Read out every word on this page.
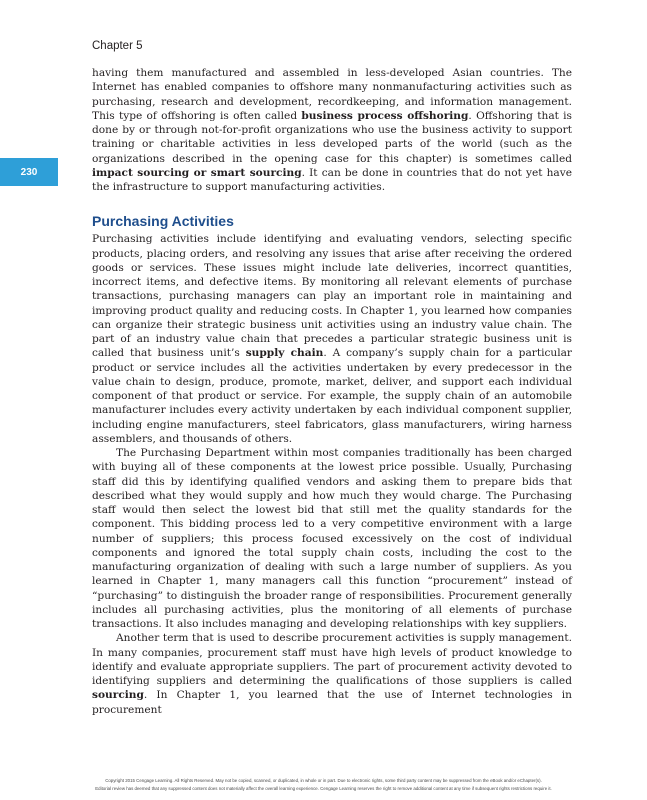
Chapter 5
230

having them manufactured and assembled in less-developed Asian countries. The Internet has enabled companies to offshore many nonmanufacturing activities such as purchasing, research and development, recordkeeping, and information management. This type of offshoring is often called business process offshoring. Offshoring that is done by or through not-for-profit organizations who use the business activity to support training or charitable activities in less developed parts of the world (such as the organizations described in the opening case for this chapter) is sometimes called impact sourcing or smart sourcing. It can be done in countries that do not yet have the infrastructure to support manufacturing activities.

Purchasing Activities

Purchasing activities include identifying and evaluating vendors, selecting specific products, placing orders, and resolving any issues that arise after receiving the ordered goods or services. These issues might include late deliveries, incorrect quantities, incorrect items, and defective items. By monitoring all relevant elements of purchase transactions, purchasing managers can play an important role in maintaining and improving product quality and reducing costs. In Chapter 1, you learned how companies can organize their strategic business unit activities using an industry value chain. The part of an industry value chain that precedes a particular strategic business unit is called that business unit’s supply chain. A company’s supply chain for a particular product or service includes all the activities undertaken by every predecessor in the value chain to design, produce, promote, market, deliver, and support each individual component of that product or service. For example, the supply chain of an automobile manufacturer includes every activity undertaken by each individual component supplier, including engine manufacturers, steel fabricators, glass manufacturers, wiring harness assemblers, and thousands of others.

The Purchasing Department within most companies traditionally has been charged with buying all of these components at the lowest price possible. Usually, Purchasing staff did this by identifying qualified vendors and asking them to prepare bids that described what they would supply and how much they would charge. The Purchasing staff would then select the lowest bid that still met the quality standards for the component. This bidding process led to a very competitive environment with a large number of suppliers; this process focused excessively on the cost of individual components and ignored the total supply chain costs, including the cost to the manufacturing organization of dealing with such a large number of suppliers. As you learned in Chapter 1, many managers call this function “procurement” instead of “purchasing” to distinguish the broader range of responsibilities. Procurement generally includes all purchasing activities, plus the monitoring of all elements of purchase transactions. It also includes managing and developing relationships with key suppliers.

Another term that is used to describe procurement activities is supply management. In many companies, procurement staff must have high levels of product knowledge to identify and evaluate appropriate suppliers. The part of procurement activity devoted to identifying suppliers and determining the qualifications of those suppliers is called sourcing. In Chapter 1, you learned that the use of Internet technologies in procurement

Copyright 2015 Cengage Learning. All Rights Reserved. May not be copied, scanned, or duplicated, in whole or in part. Due to electronic rights, some third party content may be suppressed from the eBook and/or eChapter(s).
Editorial review has deemed that any suppressed content does not materially affect the overall learning experience. Cengage Learning reserves the right to remove additional content at any time if subsequent rights restrictions require it.
